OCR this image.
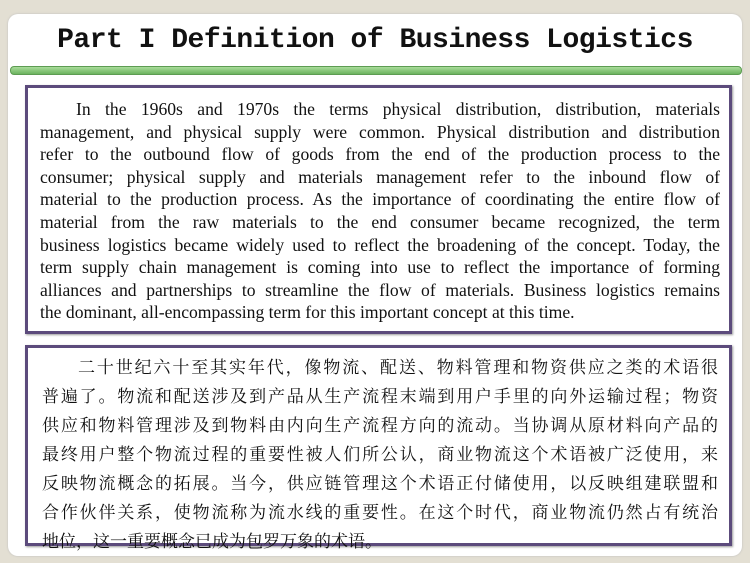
Part I Definition of Business Logistics
In the 1960s and 1970s the terms physical distribution, distribution, materials
management, and physical supply were common. Physical distribution and distribution
refer to the outbound flow of goods from the end of the production process to the
consumer; physical supply and materials management refer to the inbound flow of
material to the production process. As the importance of coordinating the entire flow of
material from the raw materials to the end consumer became recognized, the term
business logistics became widely used to reflect the broadening of the concept. Today, the
term supply chain management is coming into use to reflect the importance of forming
alliances and partnerships to streamline the flow of materials. Business logistics remains
the dominant, all-encompassing term for this important concept at this time.
二十世纪六十至其实年代，像物流、配送、物料管理和物资供应之类的术语很
普遍了。物流和配送涉及到产品从生产流程末端到用户手里的向外运输过程；物资
供应和物料管理涉及到物料由内向生产流程方向的流动。当协调从原材料向产品的
最终用户整个物流过程的重要性被人们所公认，商业物流这个术语被广泛使用，来
反映物流概念的拓展。当今，供应链管理这个术语正付储使用，以反映组建联盟和
合作伙伴关系，使物流称为流水线的重要性。在这个时代，商业物流仍然占有统治
地位，这一重要概念已成为包罗万象的术语。
